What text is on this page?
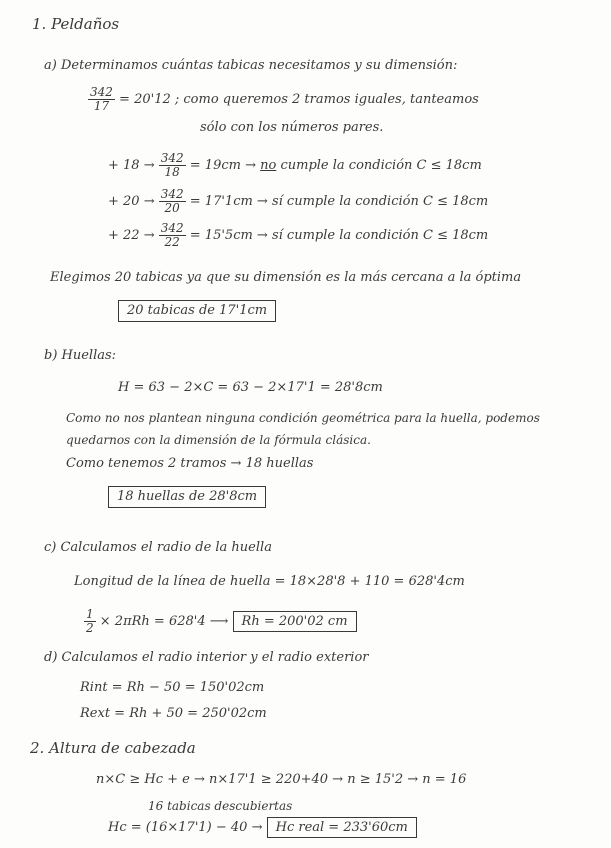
1. Peldaños
a) Determinamos cuántas tabicas necesitamos y su dimensión:
$\frac{342}{17} = 20'12$ ; como queremos 2 tramos iguales, tanteamos
sólo con los números pares.
+ $18 \to \frac{342}{18} = 19cm$ → no cumple la condición C ≤ 18cm
+ $20 \to \frac{342}{20} = 17'1cm$ → sí cumple la condición C ≤ 18cm
+ $22 \to \frac{342}{22} = 15'5cm$ → sí cumple la condición C ≤ 18cm
Elegimos 20 tabicas ya que su dimensión es la más cercana a la óptima
20 tabicas de 17'1cm
b) Huellas:
H = 63 − 2×C = 63 − 2×17'1 = 28'8cm
Como no nos plantean ninguna condición geométrica para la huella, podemos
quedarnos con la dimensión de la fórmula clásica.
Como tenemos 2 tramos → 18 huellas
18 huellas de 28'8cm
c) Calculamos el radio de la huella
Longitud de la línea de huella = 18×28'8 + 110 = 628'4cm
$\frac{1}{2} \times 2\pi Rh = 628'4$ ⟶ Rh = 200'02 cm
d) Calculamos el radio interior y el radio exterior
Rint = Rh − 50 = 150'02cm
Rext = Rh + 50 = 250'02cm
2. Altura de cabezada
n×C ≥ Hc + e → n×17'1 ≥ 220+40 → n ≥ 15'2 → n = 16
16 tabicas descubiertas
Hc = (16×17'1) − 40 → Hc real = 233'60cm
